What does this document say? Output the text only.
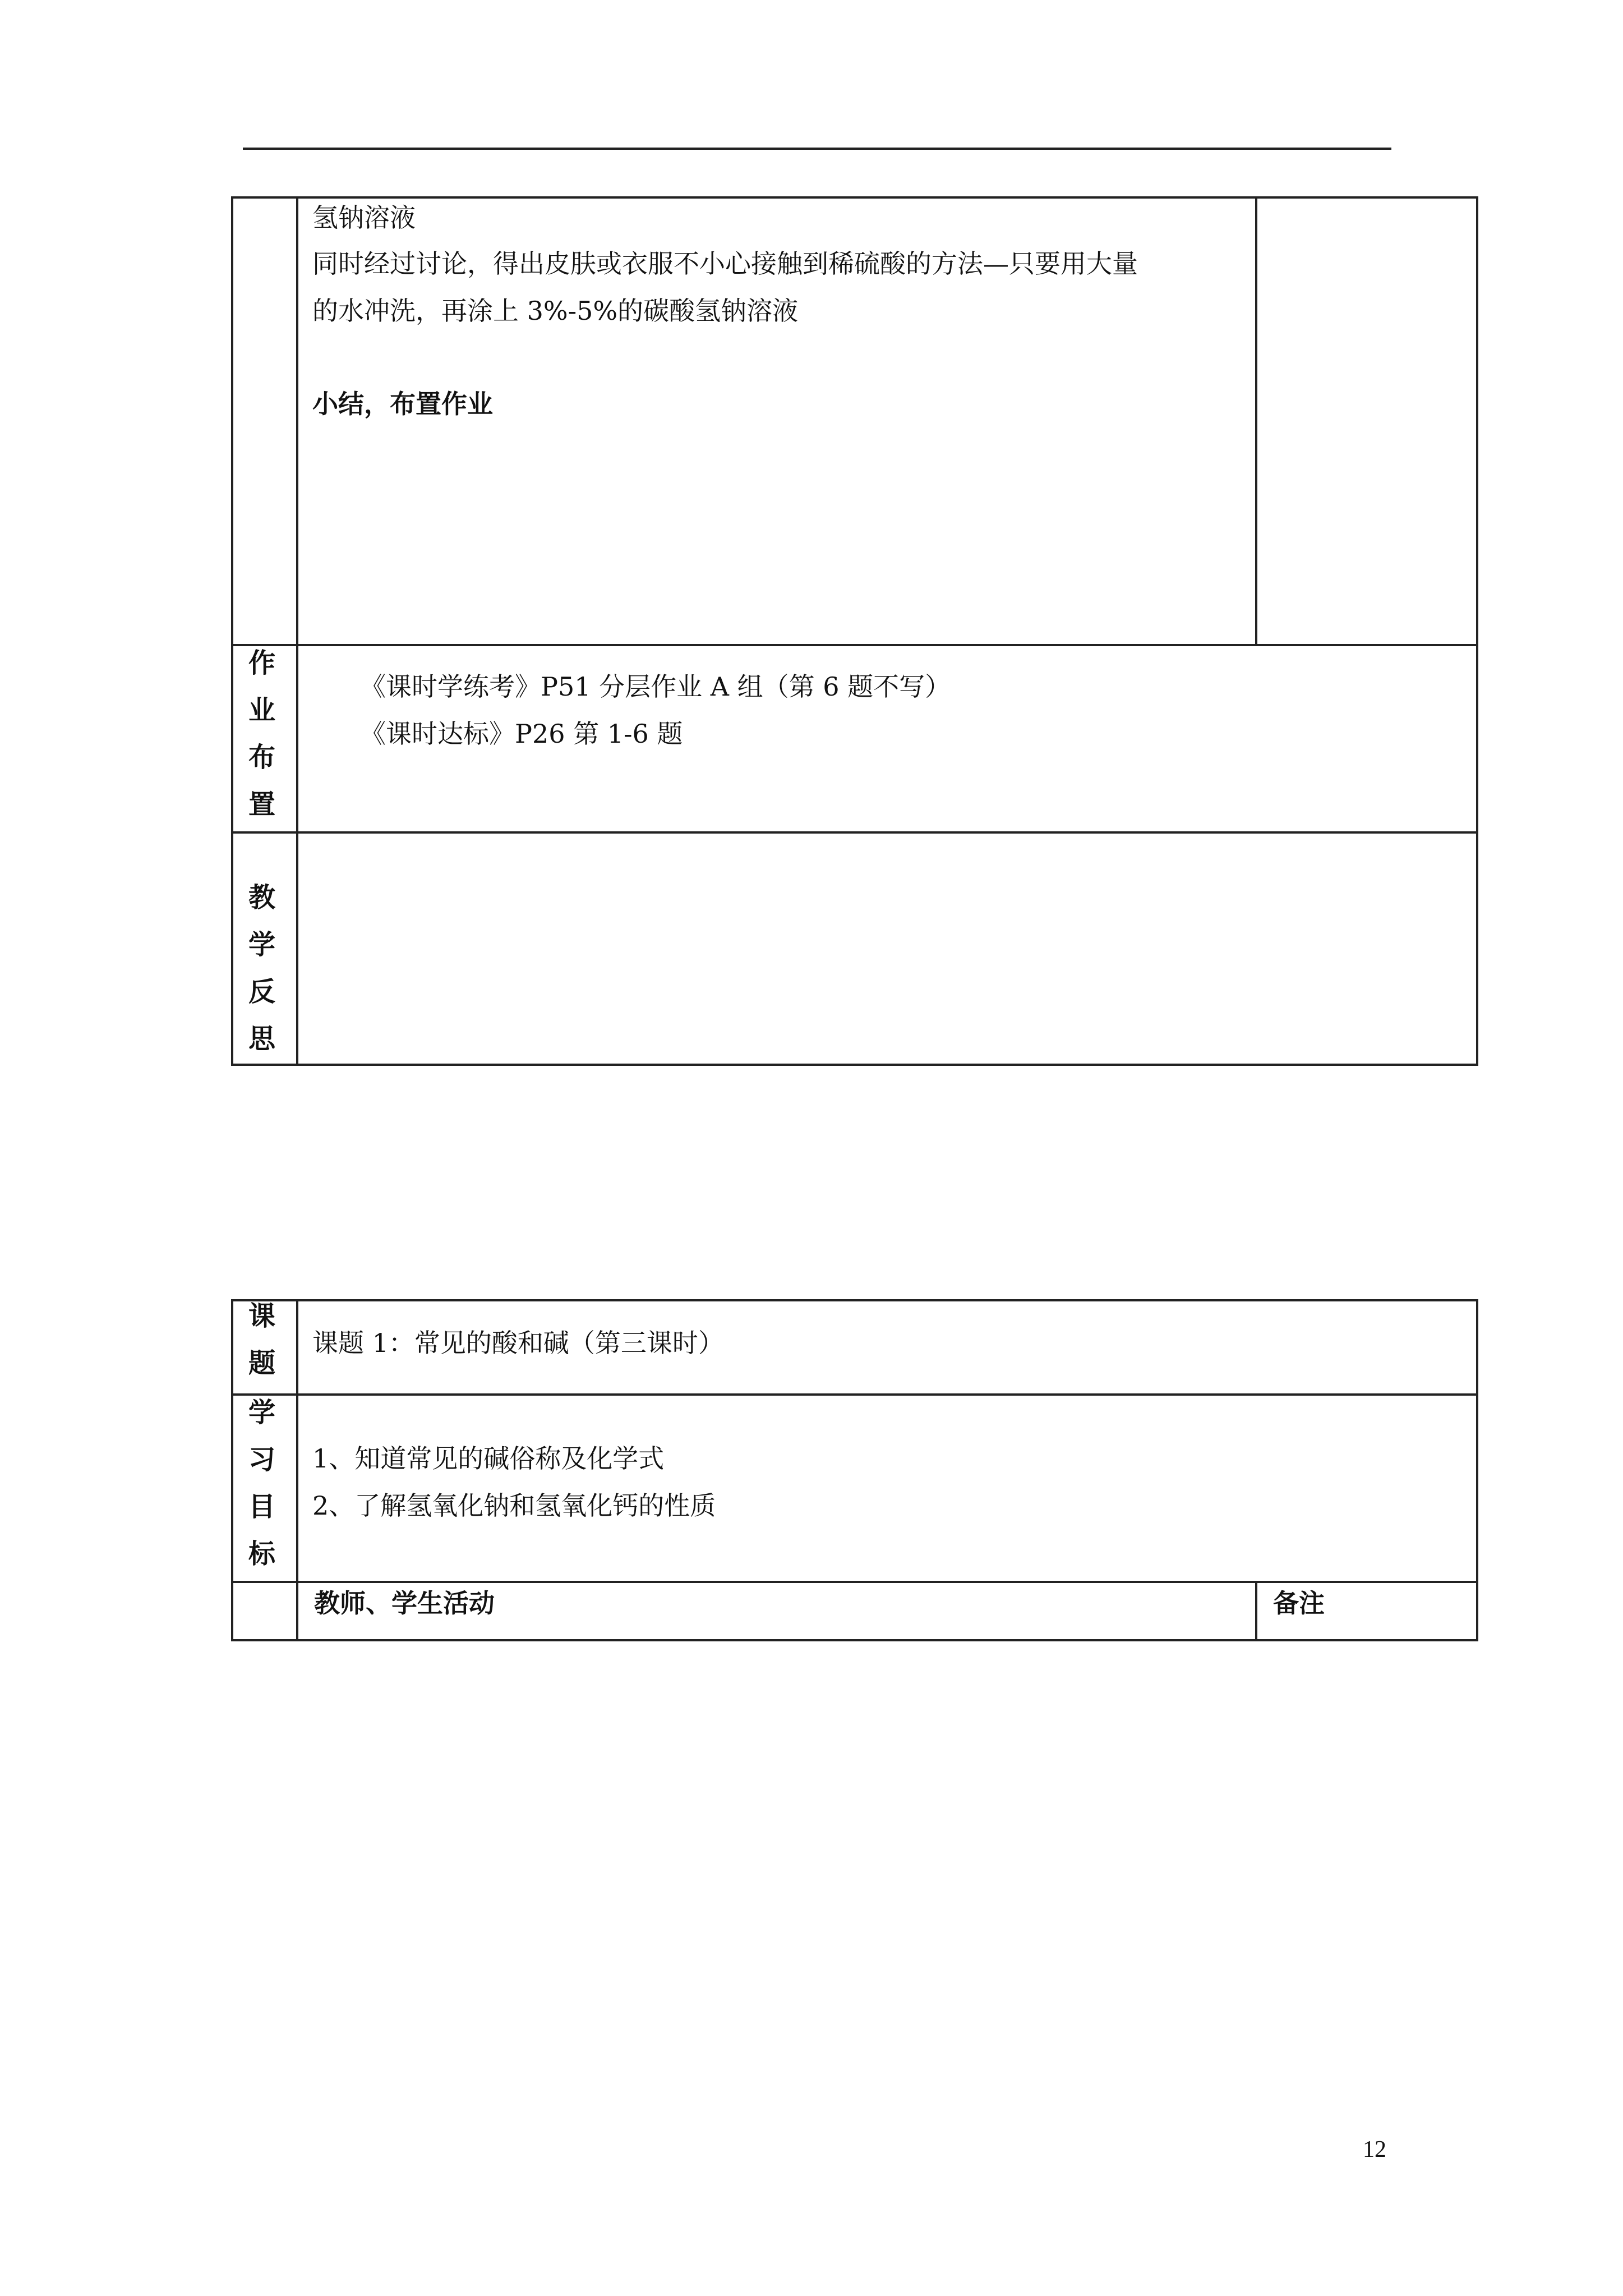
氢钠溶液
同时经过讨论，得出皮肤或衣服不小心接触到稀硫酸的方法—只要用大量
的水冲洗，再涂上 3%-5%的碳酸氢钠溶液
小结，布置作业
作
业
布
置
《课时学练考》P51 分层作业 A 组（第 6 题不写）
《课时达标》P26 第 1-6 题
教
学
反
思
课
题
课题 1：常见的酸和碱（第三课时）
学
习
目
标
1、知道常见的碱俗称及化学式
2、了解氢氧化钠和氢氧化钙的性质
教师、学生活动	备注
12
